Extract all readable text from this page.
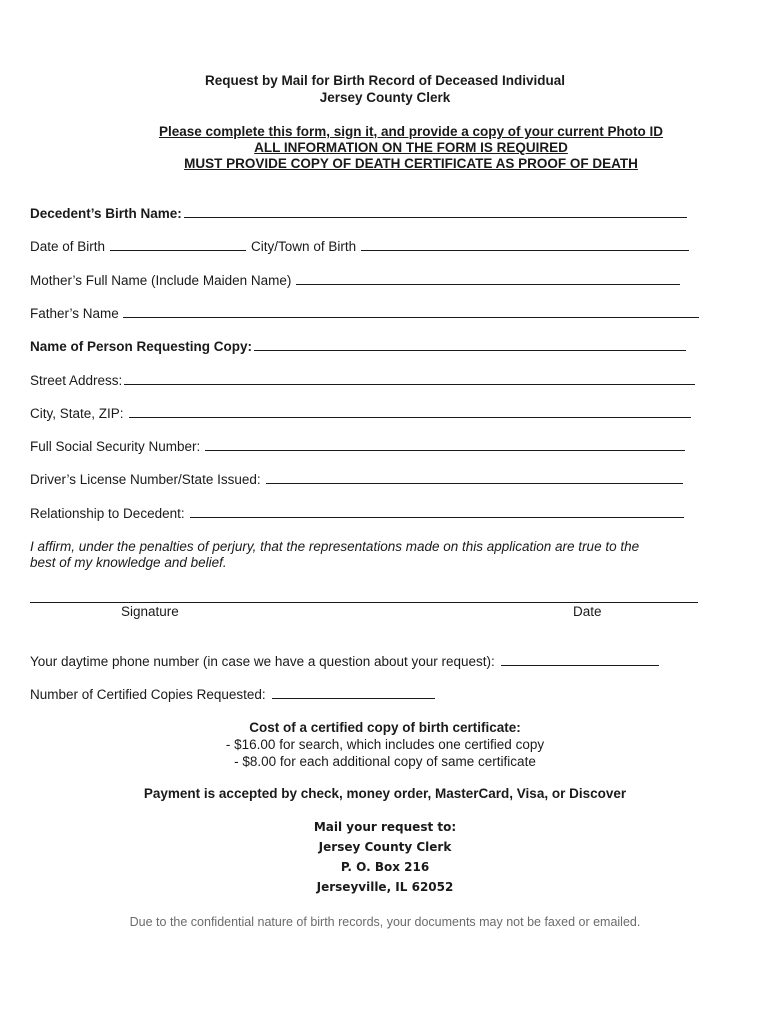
Request by Mail for Birth Record of Deceased Individual
Jersey County Clerk
Please complete this form, sign it, and provide a copy of your current Photo ID
ALL INFORMATION ON THE FORM IS REQUIRED
MUST PROVIDE COPY OF DEATH CERTIFICATE AS PROOF OF DEATH
Decedent’s Birth Name:
Date of Birth	City/Town of Birth
Mother’s Full Name (Include Maiden Name)
Father’s Name
Name of Person Requesting Copy:
Street Address:
City, State, ZIP:
Full Social Security Number:
Driver’s License Number/State Issued:
Relationship to Decedent:
I affirm, under the penalties of perjury, that the representations made on this application are true to the
best of my knowledge and belief.
Signature	Date
Your daytime phone number (in case we have a question about your request):
Number of Certified Copies Requested:
Cost of a certified copy of birth certificate:
- $16.00 for search, which includes one certified copy
- $8.00 for each additional copy of same certificate
Payment is accepted by check, money order, MasterCard, Visa, or Discover
Mail your request to:
Jersey County Clerk
P. O. Box 216
Jerseyville, IL 62052
Due to the confidential nature of birth records, your documents may not be faxed or emailed.
